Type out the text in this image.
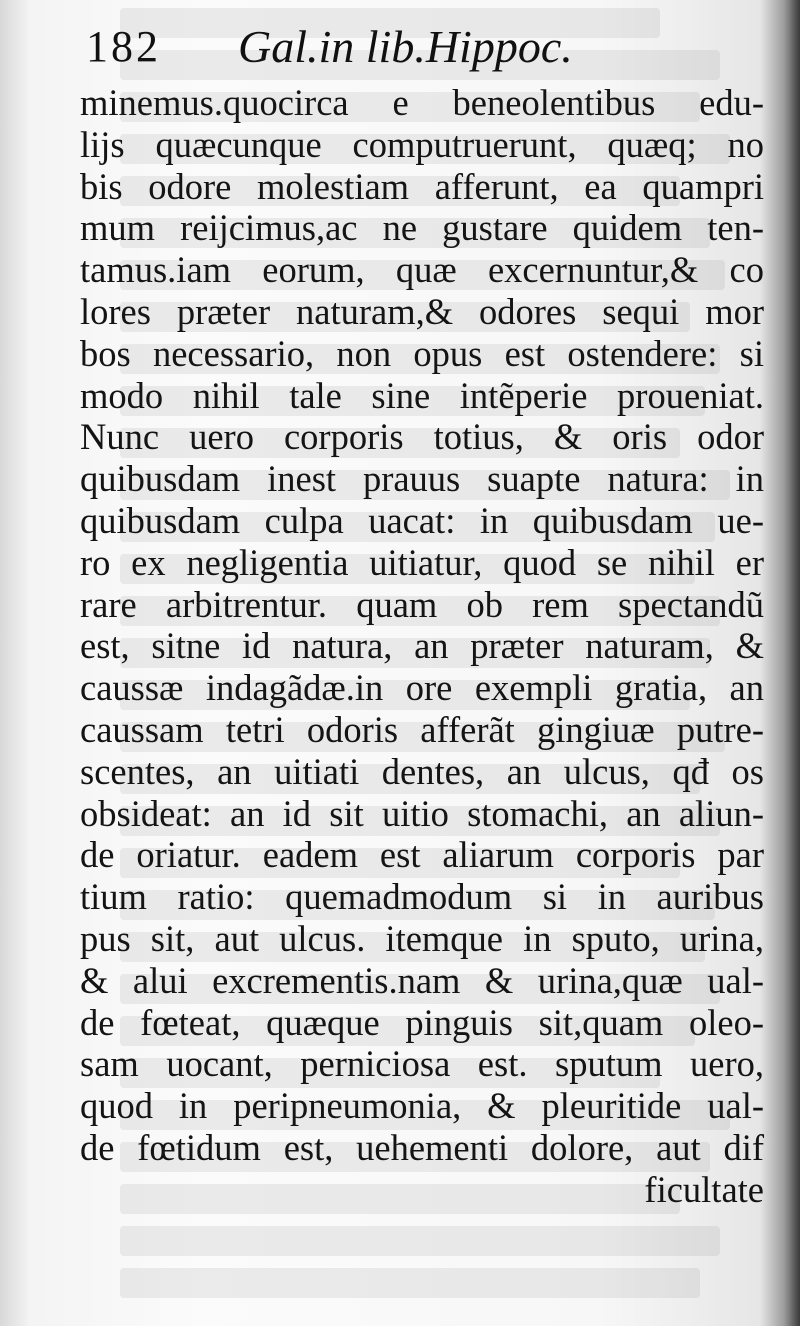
182 Gal.in lib.Hippoc.
minemus.quocirca e beneolentibus edu-
lijs quæcunque computruerunt, quæq; no
bis odore molestiam afferunt, ea quampri
mum reijcimus,ac ne gustare quidem ten-
tamus.iam eorum, quæ excernuntur,& co
lores præter naturam,& odores sequi mor
bos necessario, non opus est ostendere: si
modo nihil tale sine intẽperie proueniat.
Nunc uero corporis totius, & oris odor
quibusdam inest prauus suapte natura: in
quibusdam culpa uacat: in quibusdam ue-
ro ex negligentia uitiatur, quod se nihil er
rare arbitrentur. quam ob rem spectandũ
est, sitne id natura, an præter naturam, &
caussæ indagãdæ.in ore exempli gratia, an
caussam tetri odoris afferãt gingiuæ putre-
scentes, an uitiati dentes, an ulcus, qđ os
obsideat: an id sit uitio stomachi, an aliun-
de oriatur. eadem est aliarum corporis par
tium ratio: quemadmodum si in auribus
pus sit, aut ulcus. itemque in sputo, urina,
& alui excrementis.nam & urina,quæ ual-
de fœteat, quæque pinguis sit,quam oleo-
sam uocant, perniciosa est. sputum uero,
quod in peripneumonia, & pleuritide ual-
de fœtidum est, uehementi dolore, aut dif
ficultate
